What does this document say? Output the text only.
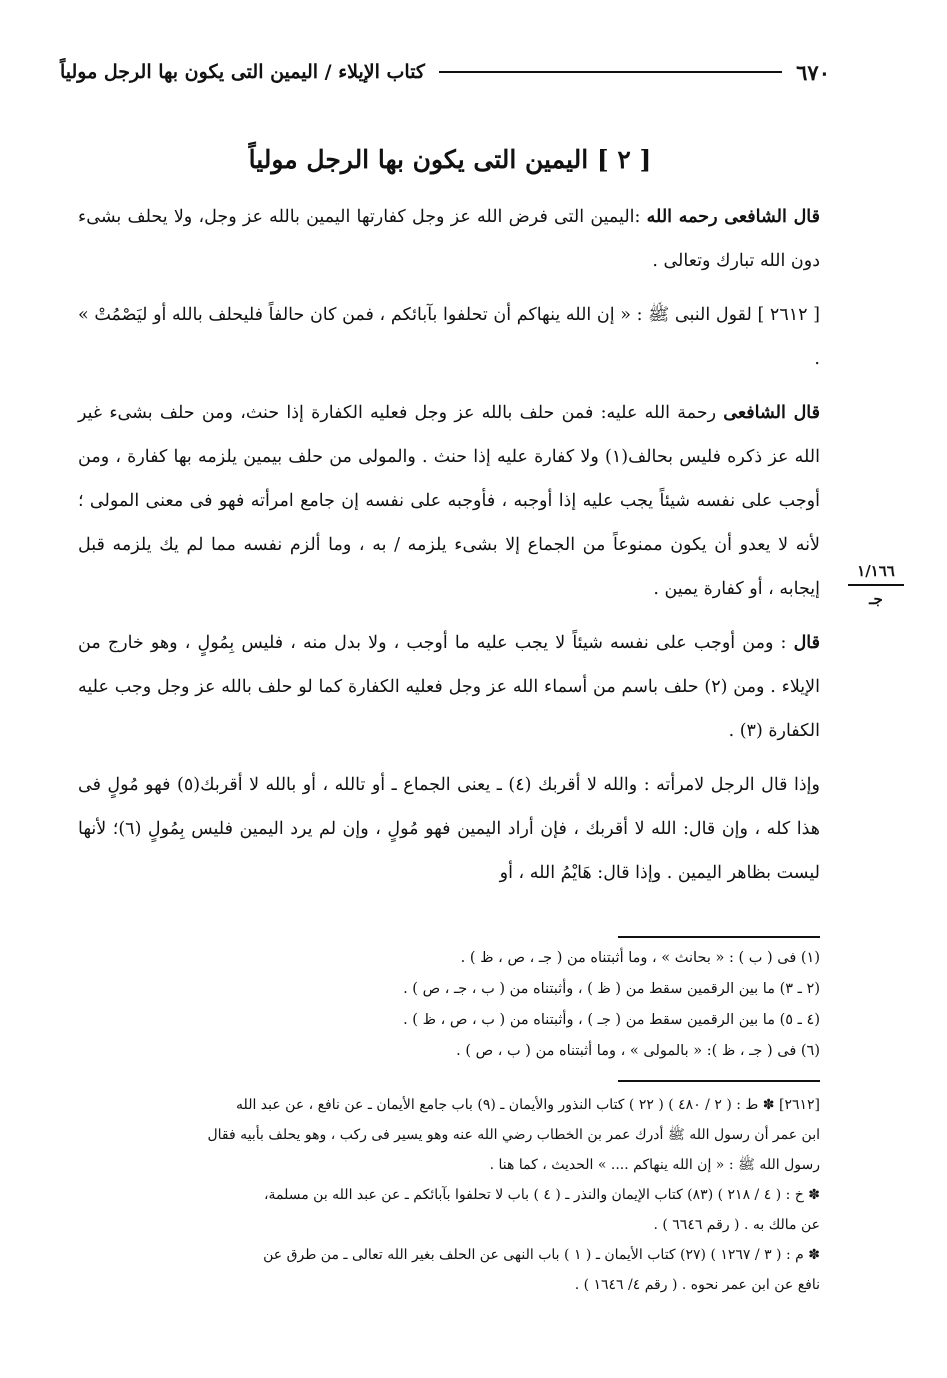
كتاب الإيلاء / اليمين التى يكون بها الرجل مولياً	٦٧٠
[ ٢ ] اليمين التى يكون بها الرجل مولياً

قال الشافعى رحمه الله :اليمين التى فرض الله عز وجل كفارتها اليمين بالله عز وجل، ولا يحلف بشىء دون الله تبارك وتعالى .

[ ٢٦١٢ ] لقول النبى ﷺ : « إن الله ينهاكم أن تحلفوا بآبائكم ، فمن كان حالفاً فليحلف بالله أو ليَصْمُتْ » .

قال الشافعى رحمة الله عليه: فمن حلف بالله عز وجل فعليه الكفارة إذا حنث، ومن حلف بشىء غير الله عز ذكره فليس بحالف(١) ولا كفارة عليه إذا حنث . والمولى من حلف بيمين يلزمه بها كفارة ، ومن أوجب على نفسه شيئاً يجب عليه إذا أوجبه ، فأوجبه على نفسه إن جامع امرأته فهو فى معنى المولى ؛ لأنه لا يعدو أن يكون ممنوعاً من الجماع إلا بشىء يلزمه / به ، وما ألزم نفسه مما لم يك يلزمه قبل إيجابه ، أو كفارة يمين .

قال : ومن أوجب على نفسه شيئاً لا يجب عليه ما أوجب ، ولا بدل منه ، فليس بِمُولٍ ، وهو خارج من الإيلاء . ومن (٢) حلف باسم من أسماء الله عز وجل فعليه الكفارة كما لو حلف بالله عز وجل وجب عليه الكفارة (٣) .

وإذا قال الرجل لامرأته : والله لا أقربك (٤) ـ يعنى الجماع ـ أو تالله ، أو بالله لا أقربك(٥) فهو مُولٍ فى هذا كله ، وإن قال: الله لا أقربك ، فإن أراد اليمين فهو مُولٍ ، وإن لم يرد اليمين فليس بِمُولٍ (٦)؛ لأنها ليست بظاهر اليمين . وإذا قال: هَايْمُ الله ، أو

١/١٦٦
جـ
(١) فى ( ب ) : « بحانث » ، وما أثبتناه من ( جـ ، ص ، ظ ) .
(٢ ـ ٣) ما بين الرقمين سقط من ( ظ ) ، وأثبتناه من ( ب ، جـ ، ص ) .
(٤ ـ ٥) ما بين الرقمين سقط من ( جـ ) ، وأثبتناه من ( ب ، ص ، ظ ) .
(٦) فى ( جـ ، ظ ): « بالمولى » ، وما أثبتناه من ( ب ، ص ) .
[٢٦١٢] ✽ ط : ( ٢ / ٤٨٠ ) ( ٢٢ ) كتاب النذور والأيمان ـ (٩) باب جامع الأيمان ـ عن نافع ، عن عبد الله
ابن عمر أن رسول الله ﷺ أدرك عمر بن الخطاب رضي الله عنه وهو يسير فى ركب ، وهو يحلف بأبيه فقال
رسول الله ﷺ : « إن الله ينهاكم .... » الحديث ، كما هنا .
✽ خ : ( ٤ / ٢١٨ ) (٨٣) كتاب الإيمان والنذر ـ ( ٤ ) باب لا تحلفوا بآبائكم ـ عن عبد الله بن مسلمة،
عن مالك به . ( رقم ٦٦٤٦ ) .
✽ م : ( ٣ / ١٢٦٧ ) (٢٧) كتاب الأيمان ـ ( ١ ) باب النهى عن الحلف بغير الله تعالى ـ من طرق عن
نافع عن ابن عمر نحوه . ( رقم ٤/ ١٦٤٦ ) .
